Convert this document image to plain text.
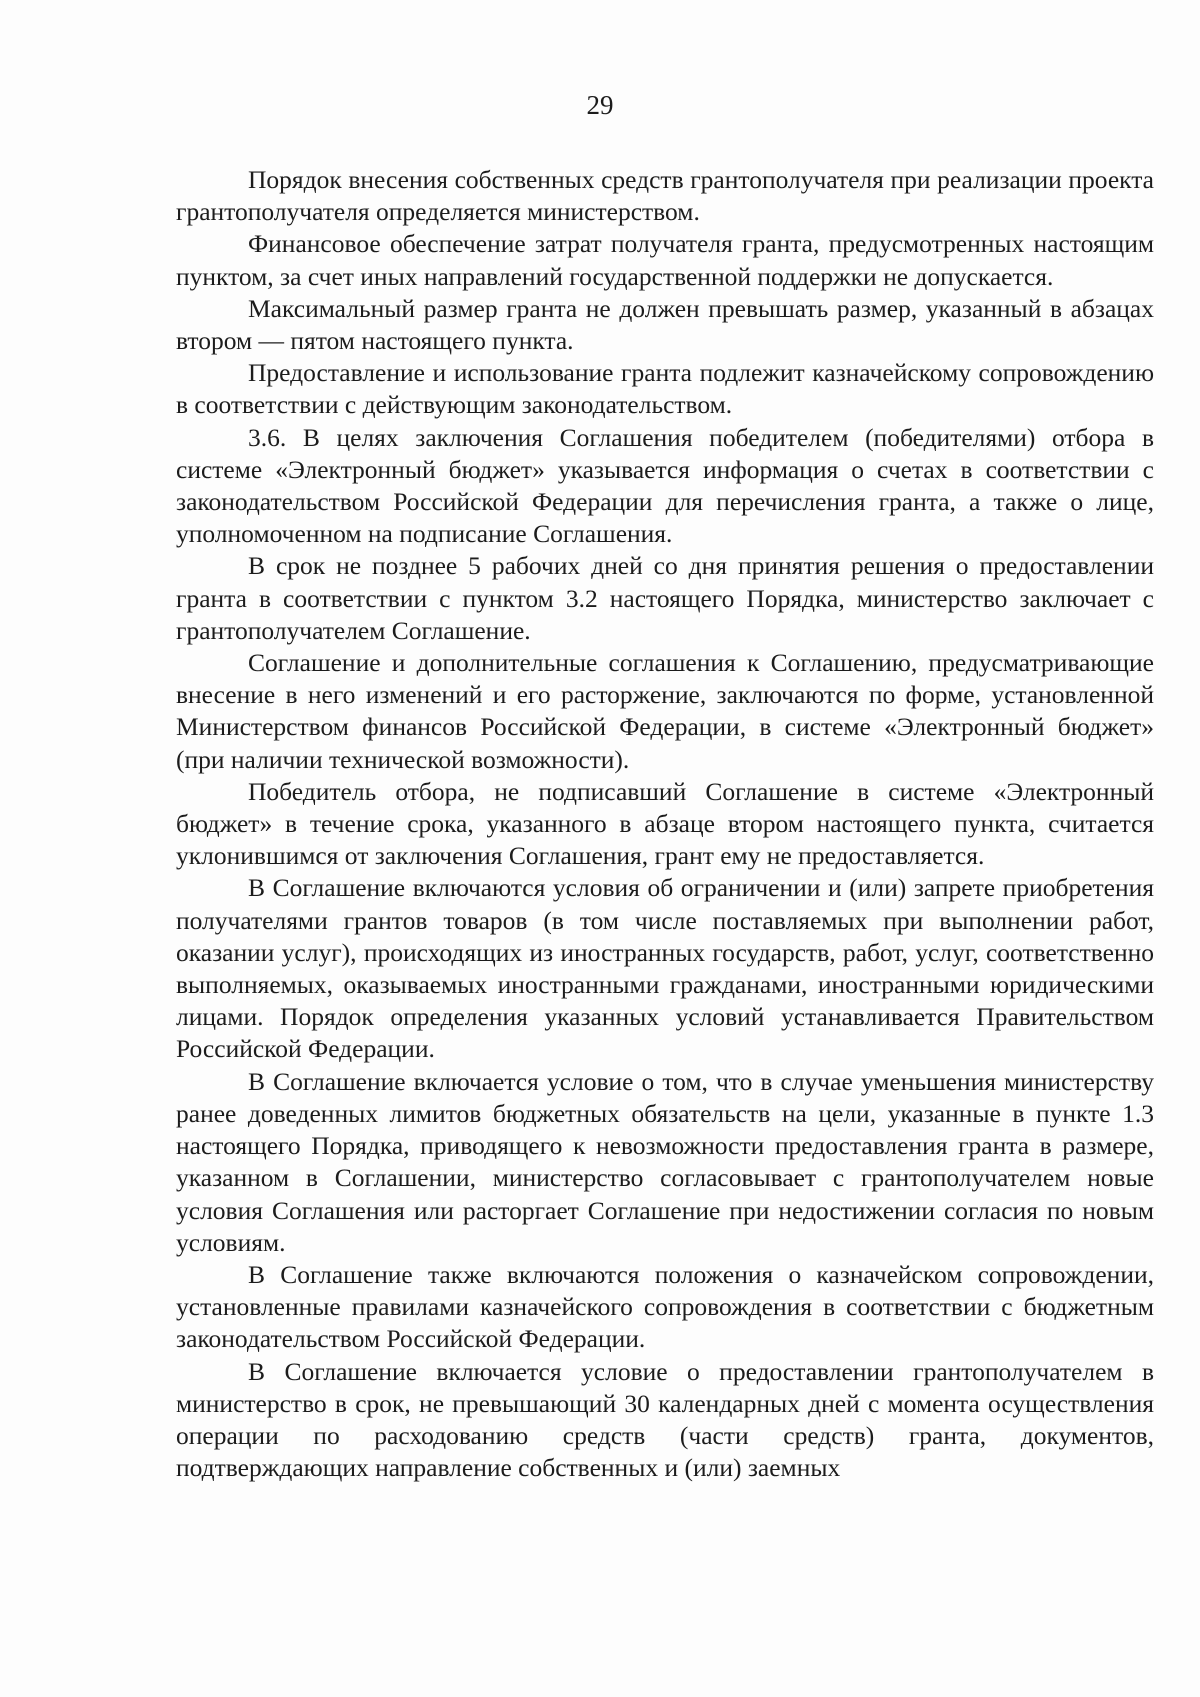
29

Порядок внесения собственных средств грантополучателя при реализации проекта грантополучателя определяется министерством.

Финансовое обеспечение затрат получателя гранта, предусмотренных настоящим пунктом, за счет иных направлений государственной поддержки не допускается.

Максимальный размер гранта не должен превышать размер, указанный в абзацах втором — пятом настоящего пункта.

Предоставление и использование гранта подлежит казначейскому сопровождению в соответствии с действующим законодательством.

3.6. В целях заключения Соглашения победителем (победителями) отбора в системе «Электронный бюджет» указывается информация о счетах в соответствии с законодательством Российской Федерации для перечисления гранта, а также о лице, уполномоченном на подписание Соглашения.

В срок не позднее 5 рабочих дней со дня принятия решения о предоставлении гранта в соответствии с пунктом 3.2 настоящего Порядка, министерство заключает с грантополучателем Соглашение.

Соглашение и дополнительные соглашения к Соглашению, предусматривающие внесение в него изменений и его расторжение, заключаются по форме, установленной Министерством финансов Российской Федерации, в системе «Электронный бюджет» (при наличии технической возможности).

Победитель отбора, не подписавший Соглашение в системе «Электронный бюджет» в течение срока, указанного в абзаце втором настоящего пункта, считается уклонившимся от заключения Соглашения, грант ему не предоставляется.

В Соглашение включаются условия об ограничении и (или) запрете приобретения получателями грантов товаров (в том числе поставляемых при выполнении работ, оказании услуг), происходящих из иностранных государств, работ, услуг, соответственно выполняемых, оказываемых иностранными гражданами, иностранными юридическими лицами. Порядок определения указанных условий устанавливается Правительством Российской Федерации.

В Соглашение включается условие о том, что в случае уменьшения министерству ранее доведенных лимитов бюджетных обязательств на цели, указанные в пункте 1.3 настоящего Порядка, приводящего к невозможности предоставления гранта в размере, указанном в Соглашении, министерство согласовывает с грантополучателем новые условия Соглашения или расторгает Соглашение при недостижении согласия по новым условиям.

В Соглашение также включаются положения о казначейском сопровождении, установленные правилами казначейского сопровождения в соответствии с бюджетным законодательством Российской Федерации.

В Соглашение включается условие о предоставлении грантополучателем в министерство в срок, не превышающий 30 календарных дней с момента осуществления операции по расходованию средств (части средств) гранта, документов, подтверждающих направление собственных и (или) заемных
